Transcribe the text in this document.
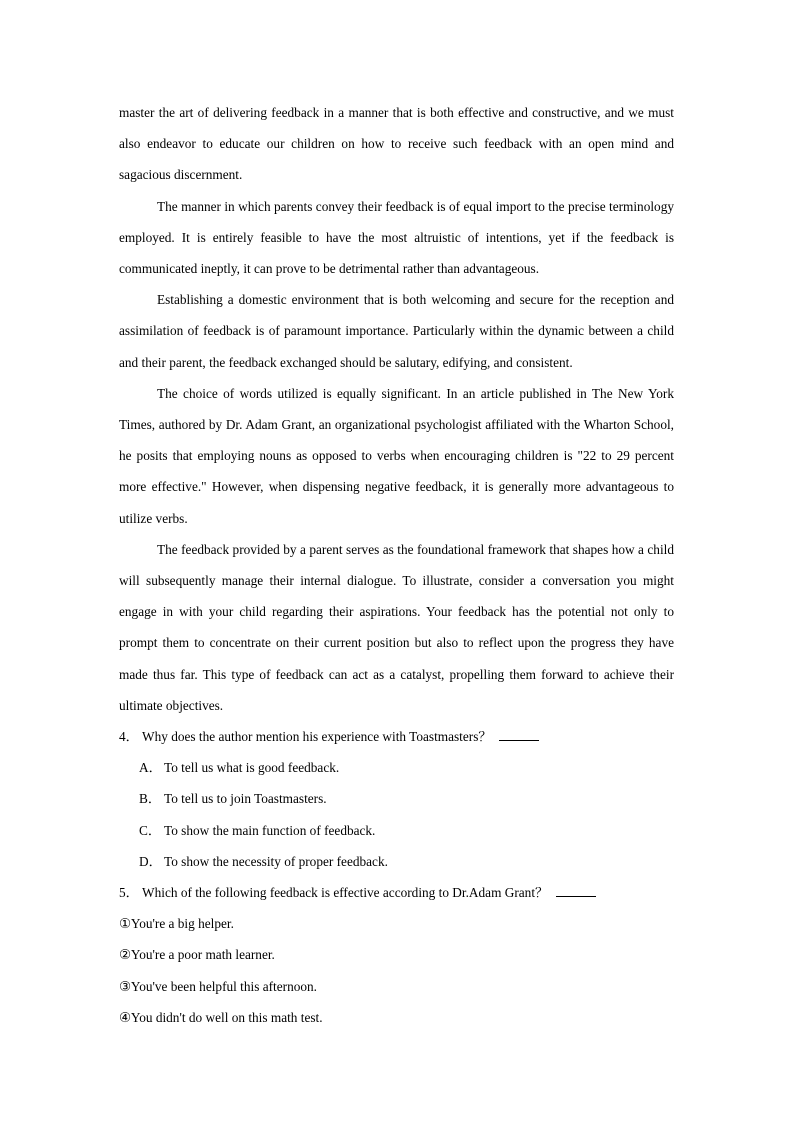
master the art of delivering feedback in a manner that is both effective and constructive, and we must also endeavor to educate our children on how to receive such feedback with an open mind and sagacious discernment.

The manner in which parents convey their feedback is of equal import to the precise terminology employed. It is entirely feasible to have the most altruistic of intentions, yet if the feedback is communicated ineptly, it can prove to be detrimental rather than advantageous.

Establishing a domestic environment that is both welcoming and secure for the reception and assimilation of feedback is of paramount importance. Particularly within the dynamic between a child and their parent, the feedback exchanged should be salutary, edifying, and consistent.

The choice of words utilized is equally significant. In an article published in The New York Times, authored by Dr. Adam Grant, an organizational psychologist affiliated with the Wharton School, he posits that employing nouns as opposed to verbs when encouraging children is "22 to 29 percent more effective." However, when dispensing negative feedback, it is generally more advantageous to utilize verbs.

The feedback provided by a parent serves as the foundational framework that shapes how a child will subsequently manage their internal dialogue. To illustrate, consider a conversation you might engage in with your child regarding their aspirations. Your feedback has the potential not only to prompt them to concentrate on their current position but also to reflect upon the progress they have made thus far. This type of feedback can act as a catalyst, propelling them forward to achieve their ultimate objectives.

4． Why does the author mention his experience with Toastmasters？

A． To tell us what is good feedback.

B． To tell us to join Toastmasters.

C． To show the main function of feedback.

D． To show the necessity of proper feedback.

5． Which of the following feedback is effective according to Dr.Adam Grant？

①You're a big helper.

②You're a poor math learner.

③You've been helpful this afternoon.

④You didn't do well on this math test.
